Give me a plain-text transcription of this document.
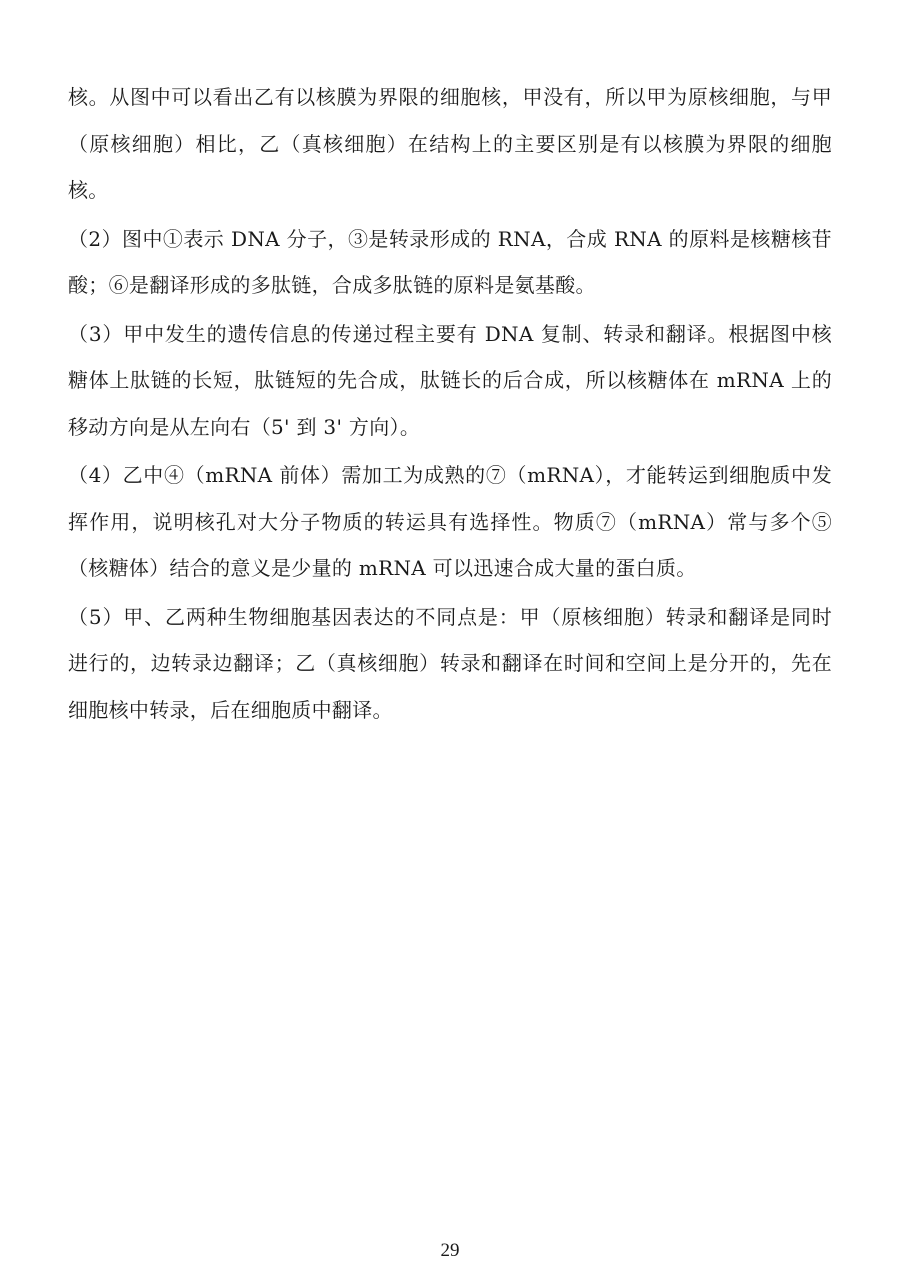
核。从图中可以看出乙有以核膜为界限的细胞核，甲没有，所以甲为原核细胞，与甲（原核细胞）相比，乙（真核细胞）在结构上的主要区别是有以核膜为界限的细胞核。

（2）图中①表示 DNA 分子，③是转录形成的 RNA，合成 RNA 的原料是核糖核苷酸；⑥是翻译形成的多肽链，合成多肽链的原料是氨基酸。

（3）甲中发生的遗传信息的传递过程主要有 DNA 复制、转录和翻译。根据图中核糖体上肽链的长短，肽链短的先合成，肽链长的后合成，所以核糖体在 mRNA 上的移动方向是从左向右（5' 到 3' 方向）。

（4）乙中④（mRNA 前体）需加工为成熟的⑦（mRNA），才能转运到细胞质中发挥作用，说明核孔对大分子物质的转运具有选择性。物质⑦（mRNA）常与多个⑤（核糖体）结合的意义是少量的 mRNA 可以迅速合成大量的蛋白质。

（5）甲、乙两种生物细胞基因表达的不同点是：甲（原核细胞）转录和翻译是同时进行的，边转录边翻译；乙（真核细胞）转录和翻译在时间和空间上是分开的，先在细胞核中转录，后在细胞质中翻译。

29
